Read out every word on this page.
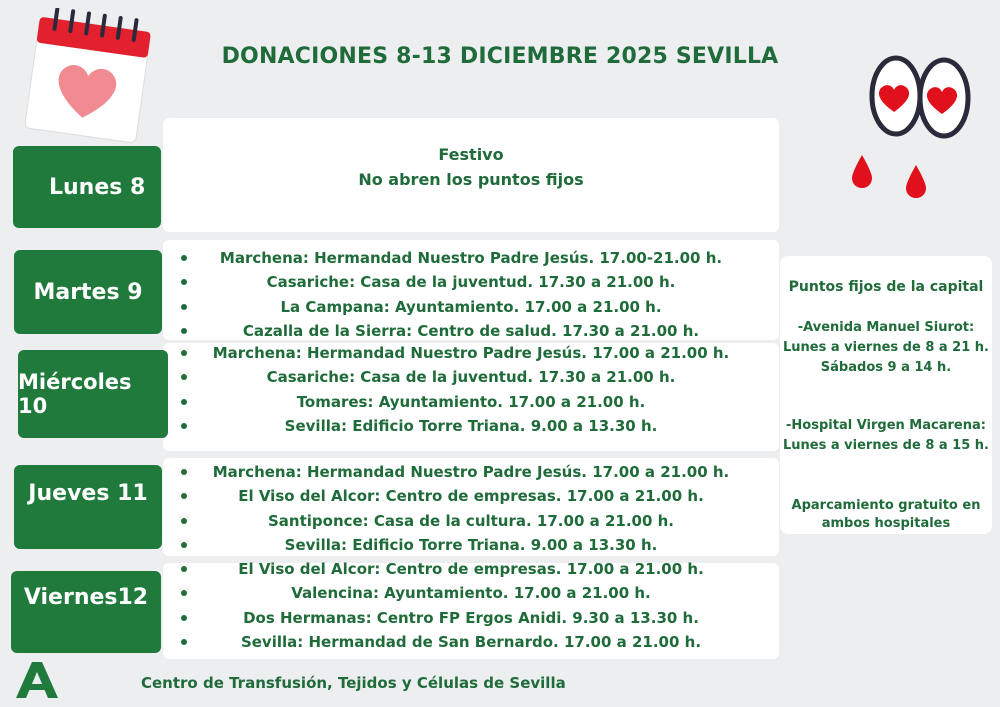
DONACIONES 8-13 DICIEMBRE 2025 SEVILLA
Festivo
No abren los puntos fijos
Lunes 8
Marchena: Hermandad Nuestro Padre Jesús. 17.00-21.00 h.
Casariche: Casa de la juventud. 17.30 a 21.00 h.
La Campana: Ayuntamiento. 17.00 a 21.00 h.
Cazalla de la Sierra: Centro de salud. 17.30 a 21.00 h.
Martes 9
Marchena: Hermandad Nuestro Padre Jesús. 17.00 a 21.00 h.
Casariche: Casa de la juventud. 17.30 a 21.00 h.
Tomares: Ayuntamiento. 17.00 a 21.00 h.
Sevilla: Edificio Torre Triana. 9.00 a 13.30 h.
Miércoles 10
Marchena: Hermandad Nuestro Padre Jesús. 17.00 a 21.00 h.
El Viso del Alcor: Centro de empresas. 17.00 a 21.00 h.
Santiponce: Casa de la cultura. 17.00 a 21.00 h.
Sevilla: Edificio Torre Triana. 9.00 a 13.30 h.
Jueves 11
El Viso del Alcor: Centro de empresas. 17.00 a 21.00 h.
Valencina: Ayuntamiento. 17.00 a 21.00 h.
Dos Hermanas: Centro FP Ergos Anidi. 9.30 a 13.30 h.
Sevilla: Hermandad de San Bernardo. 17.00 a 21.00 h.
Viernes12
Puntos fijos de la capital
-Avenida Manuel Siurot:
Lunes a viernes de 8 a 21 h.
Sábados 9 a 14 h.
-Hospital Virgen Macarena:
Lunes a viernes de 8 a 15 h.
Aparcamiento gratuito en
ambos hospitales
Centro de Transfusión, Tejidos y Células de Sevilla
